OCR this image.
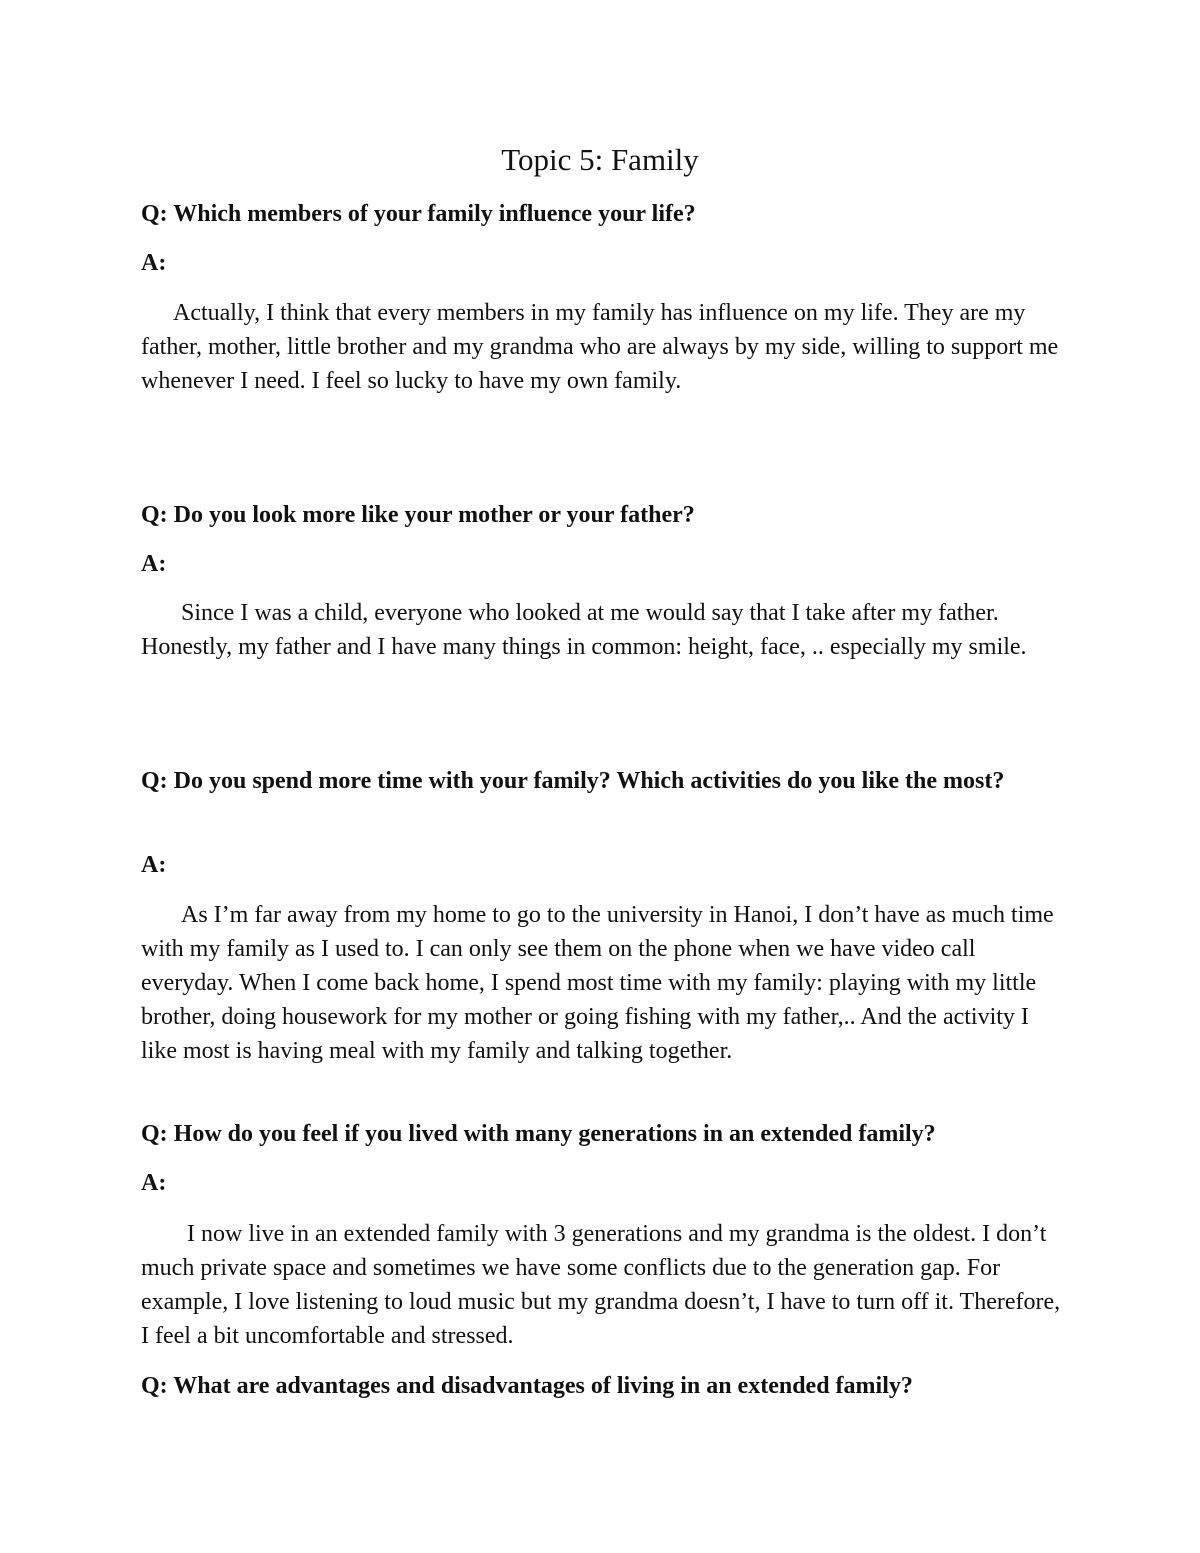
Topic 5: Family

Q: Which members of your family influence your life?

A:

Actually, I think that every members in my family has influence on my life. They are my father, mother, little brother and my grandma who are always by my side, willing to support me whenever I need. I feel so lucky to have my own family.

Q: Do you look more like your mother or your father?

A:

Since I was a child, everyone who looked at me would say that I take after my father. Honestly, my father and I have many things in common: height, face, .. especially my smile.

Q: Do you spend more time with your family? Which activities do you like the most?

A:

As I’m far away from my home to go to the university in Hanoi, I don’t have as much time with my family as I used to. I can only see them on the phone when we have video call everyday. When I come back home, I spend most time with my family: playing with my little brother, doing housework for my mother or going fishing with my father,.. And the activity I like most is having meal with my family and talking together.

Q: How do you feel if you lived with many generations in an extended family?

A:

I now live in an extended family with 3 generations and my grandma is the oldest. I don’t much private space and sometimes we have some conflicts due to the generation gap. For example, I love listening to loud music but my grandma doesn’t, I have to turn off it. Therefore, I feel a bit uncomfortable and stressed.

Q: What are advantages and disadvantages of living in an extended family?
